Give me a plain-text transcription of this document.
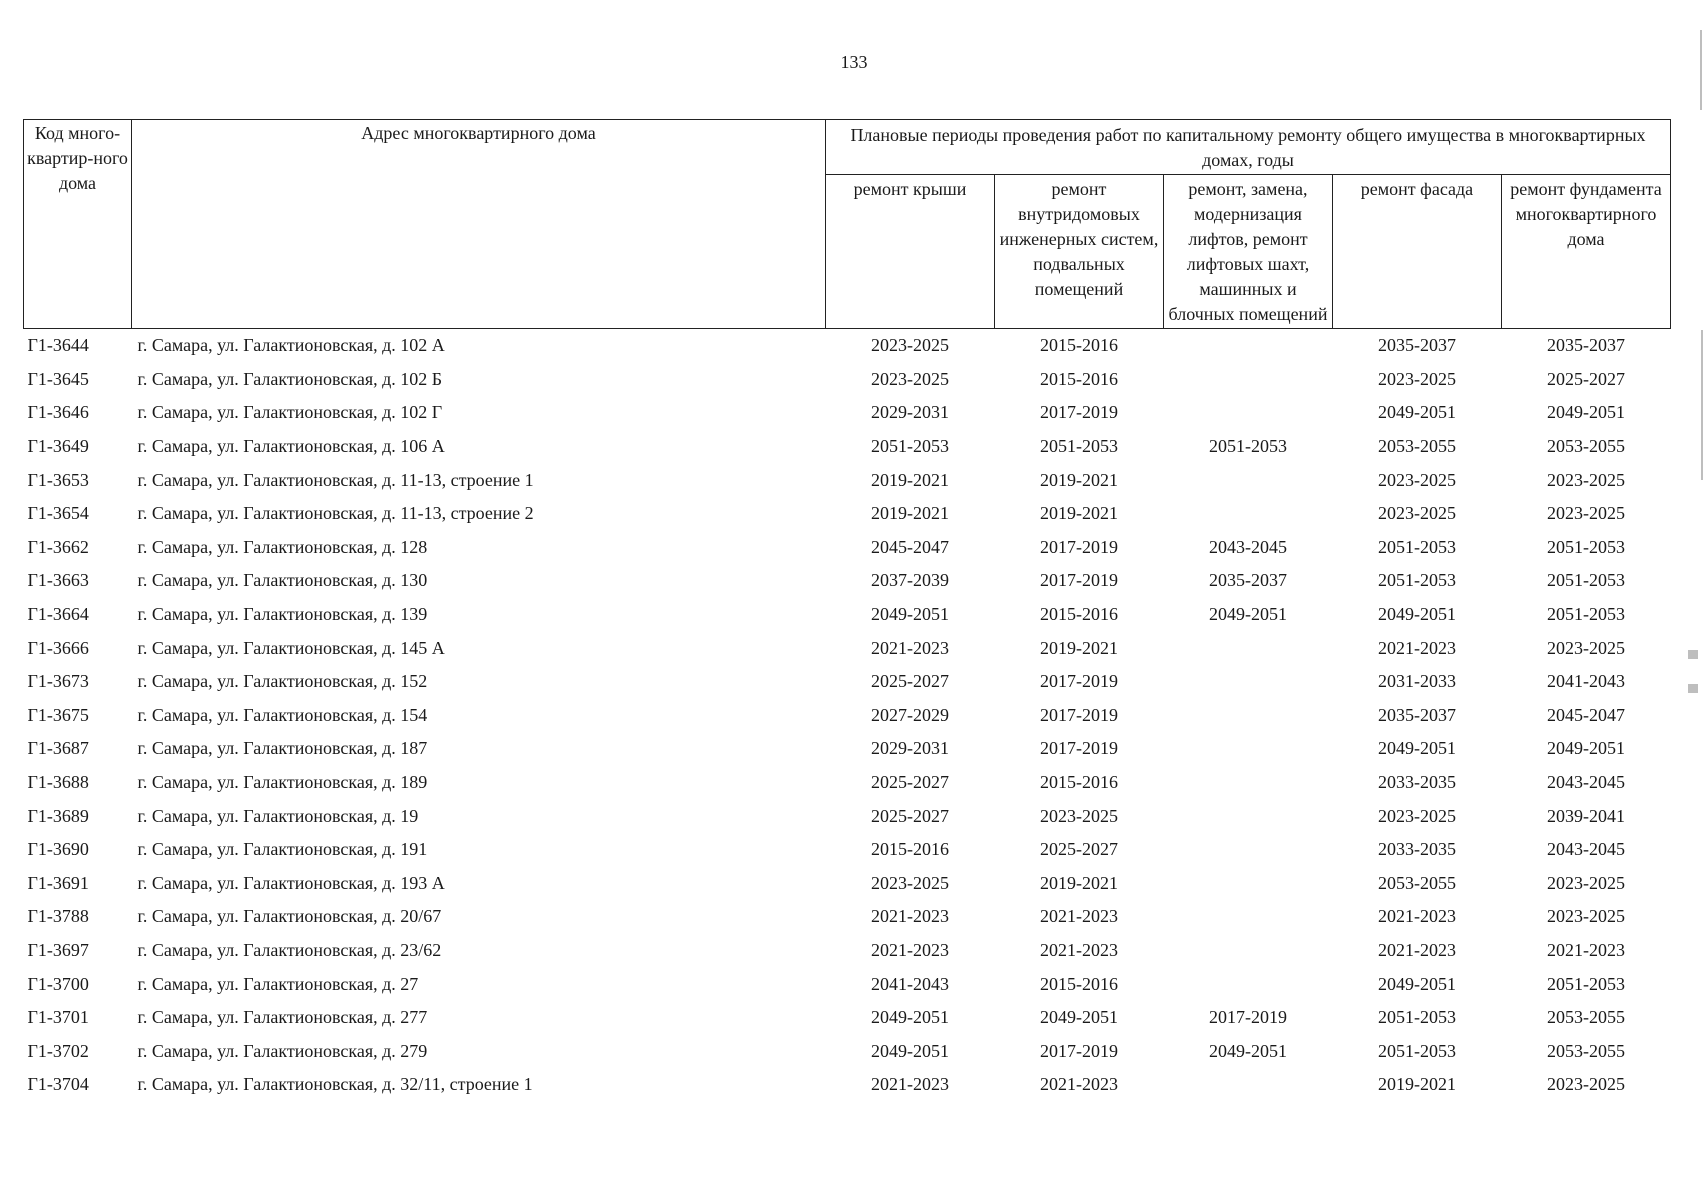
133
Код много-квартир-ного дома	Адрес многоквартирного дома	Плановые периоды проведения работ по капитальному ремонту общего имущества в многоквартирных домах, годы				
		ремонт крыши	ремонт внутридомовых инженерных систем, подвальных помещений	ремонт, замена, модернизация лифтов, ремонт лифтовых шахт, машинных и блочных помещений	ремонт фасада	ремонт фундамента многоквартирного дома
Г1-3644	г. Самара, ул. Галактионовская, д. 102 А	2023-2025	2015-2016		2035-2037	2035-2037
Г1-3645	г. Самара, ул. Галактионовская, д. 102 Б	2023-2025	2015-2016		2023-2025	2025-2027
Г1-3646	г. Самара, ул. Галактионовская, д. 102 Г	2029-2031	2017-2019		2049-2051	2049-2051
Г1-3649	г. Самара, ул. Галактионовская, д. 106 А	2051-2053	2051-2053	2051-2053	2053-2055	2053-2055
Г1-3653	г. Самара, ул. Галактионовская, д. 11-13, строение 1	2019-2021	2019-2021		2023-2025	2023-2025
Г1-3654	г. Самара, ул. Галактионовская, д. 11-13, строение 2	2019-2021	2019-2021		2023-2025	2023-2025
Г1-3662	г. Самара, ул. Галактионовская, д. 128	2045-2047	2017-2019	2043-2045	2051-2053	2051-2053
Г1-3663	г. Самара, ул. Галактионовская, д. 130	2037-2039	2017-2019	2035-2037	2051-2053	2051-2053
Г1-3664	г. Самара, ул. Галактионовская, д. 139	2049-2051	2015-2016	2049-2051	2049-2051	2051-2053
Г1-3666	г. Самара, ул. Галактионовская, д. 145 А	2021-2023	2019-2021		2021-2023	2023-2025
Г1-3673	г. Самара, ул. Галактионовская, д. 152	2025-2027	2017-2019		2031-2033	2041-2043
Г1-3675	г. Самара, ул. Галактионовская, д. 154	2027-2029	2017-2019		2035-2037	2045-2047
Г1-3687	г. Самара, ул. Галактионовская, д. 187	2029-2031	2017-2019		2049-2051	2049-2051
Г1-3688	г. Самара, ул. Галактионовская, д. 189	2025-2027	2015-2016		2033-2035	2043-2045
Г1-3689	г. Самара, ул. Галактионовская, д. 19	2025-2027	2023-2025		2023-2025	2039-2041
Г1-3690	г. Самара, ул. Галактионовская, д. 191	2015-2016	2025-2027		2033-2035	2043-2045
Г1-3691	г. Самара, ул. Галактионовская, д. 193 А	2023-2025	2019-2021		2053-2055	2023-2025
Г1-3788	г. Самара, ул. Галактионовская, д. 20/67	2021-2023	2021-2023		2021-2023	2023-2025
Г1-3697	г. Самара, ул. Галактионовская, д. 23/62	2021-2023	2021-2023		2021-2023	2021-2023
Г1-3700	г. Самара, ул. Галактионовская, д. 27	2041-2043	2015-2016		2049-2051	2051-2053
Г1-3701	г. Самара, ул. Галактионовская, д. 277	2049-2051	2049-2051	2017-2019	2051-2053	2053-2055
Г1-3702	г. Самара, ул. Галактионовская, д. 279	2049-2051	2017-2019	2049-2051	2051-2053	2053-2055
Г1-3704	г. Самара, ул. Галактионовская, д. 32/11, строение 1	2021-2023	2021-2023		2019-2021	2023-2025
